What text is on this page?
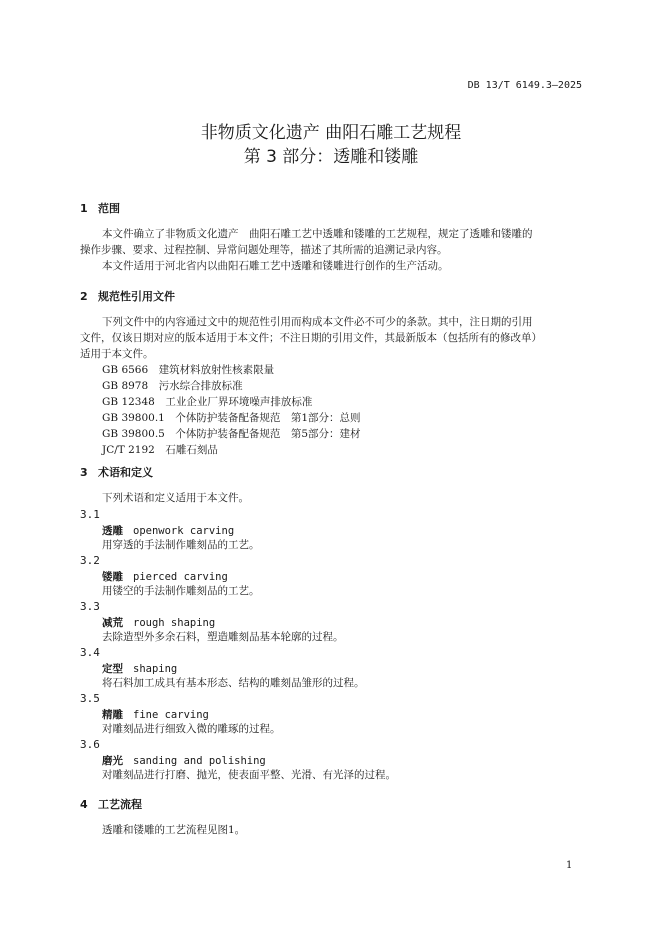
DB 13/T 6149.3—2025
非物质文化遗产 曲阳石雕工艺规程
第 3 部分：透雕和镂雕
1 范围
本文件确立了非物质文化遗产　曲阳石雕工艺中透雕和镂雕的工艺规程，规定了透雕和镂雕的
操作步骤、要求、过程控制、异常问题处理等，描述了其所需的追溯记录内容。
本文件适用于河北省内以曲阳石雕工艺中透雕和镂雕进行创作的生产活动。
2 规范性引用文件
下列文件中的内容通过文中的规范性引用而构成本文件必不可少的条款。其中，注日期的引用
文件，仅该日期对应的版本适用于本文件；不注日期的引用文件，其最新版本（包括所有的修改单）
适用于本文件。
GB 6566　建筑材料放射性核素限量
GB 8978　污水综合排放标准
GB 12348　工业企业厂界环境噪声排放标准
GB 39800.1　个体防护装备配备规范　第1部分：总则
GB 39800.5　个体防护装备配备规范　第5部分：建材
JC/T 2192　石雕石刻品
3 术语和定义
下列术语和定义适用于本文件。
3.1
透雕 openwork carving
用穿透的手法制作雕刻品的工艺。
3.2
镂雕 pierced carving
用镂空的手法制作雕刻品的工艺。
3.3
减荒 rough shaping
去除造型外多余石料，塑造雕刻品基本轮廓的过程。
3.4
定型 shaping
将石料加工成具有基本形态、结构的雕刻品雏形的过程。
3.5
精雕 fine carving
对雕刻品进行细致入微的雕琢的过程。
3.6
磨光 sanding and polishing
对雕刻品进行打磨、抛光，使表面平整、光滑、有光泽的过程。
4 工艺流程
透雕和镂雕的工艺流程见图1。
1
